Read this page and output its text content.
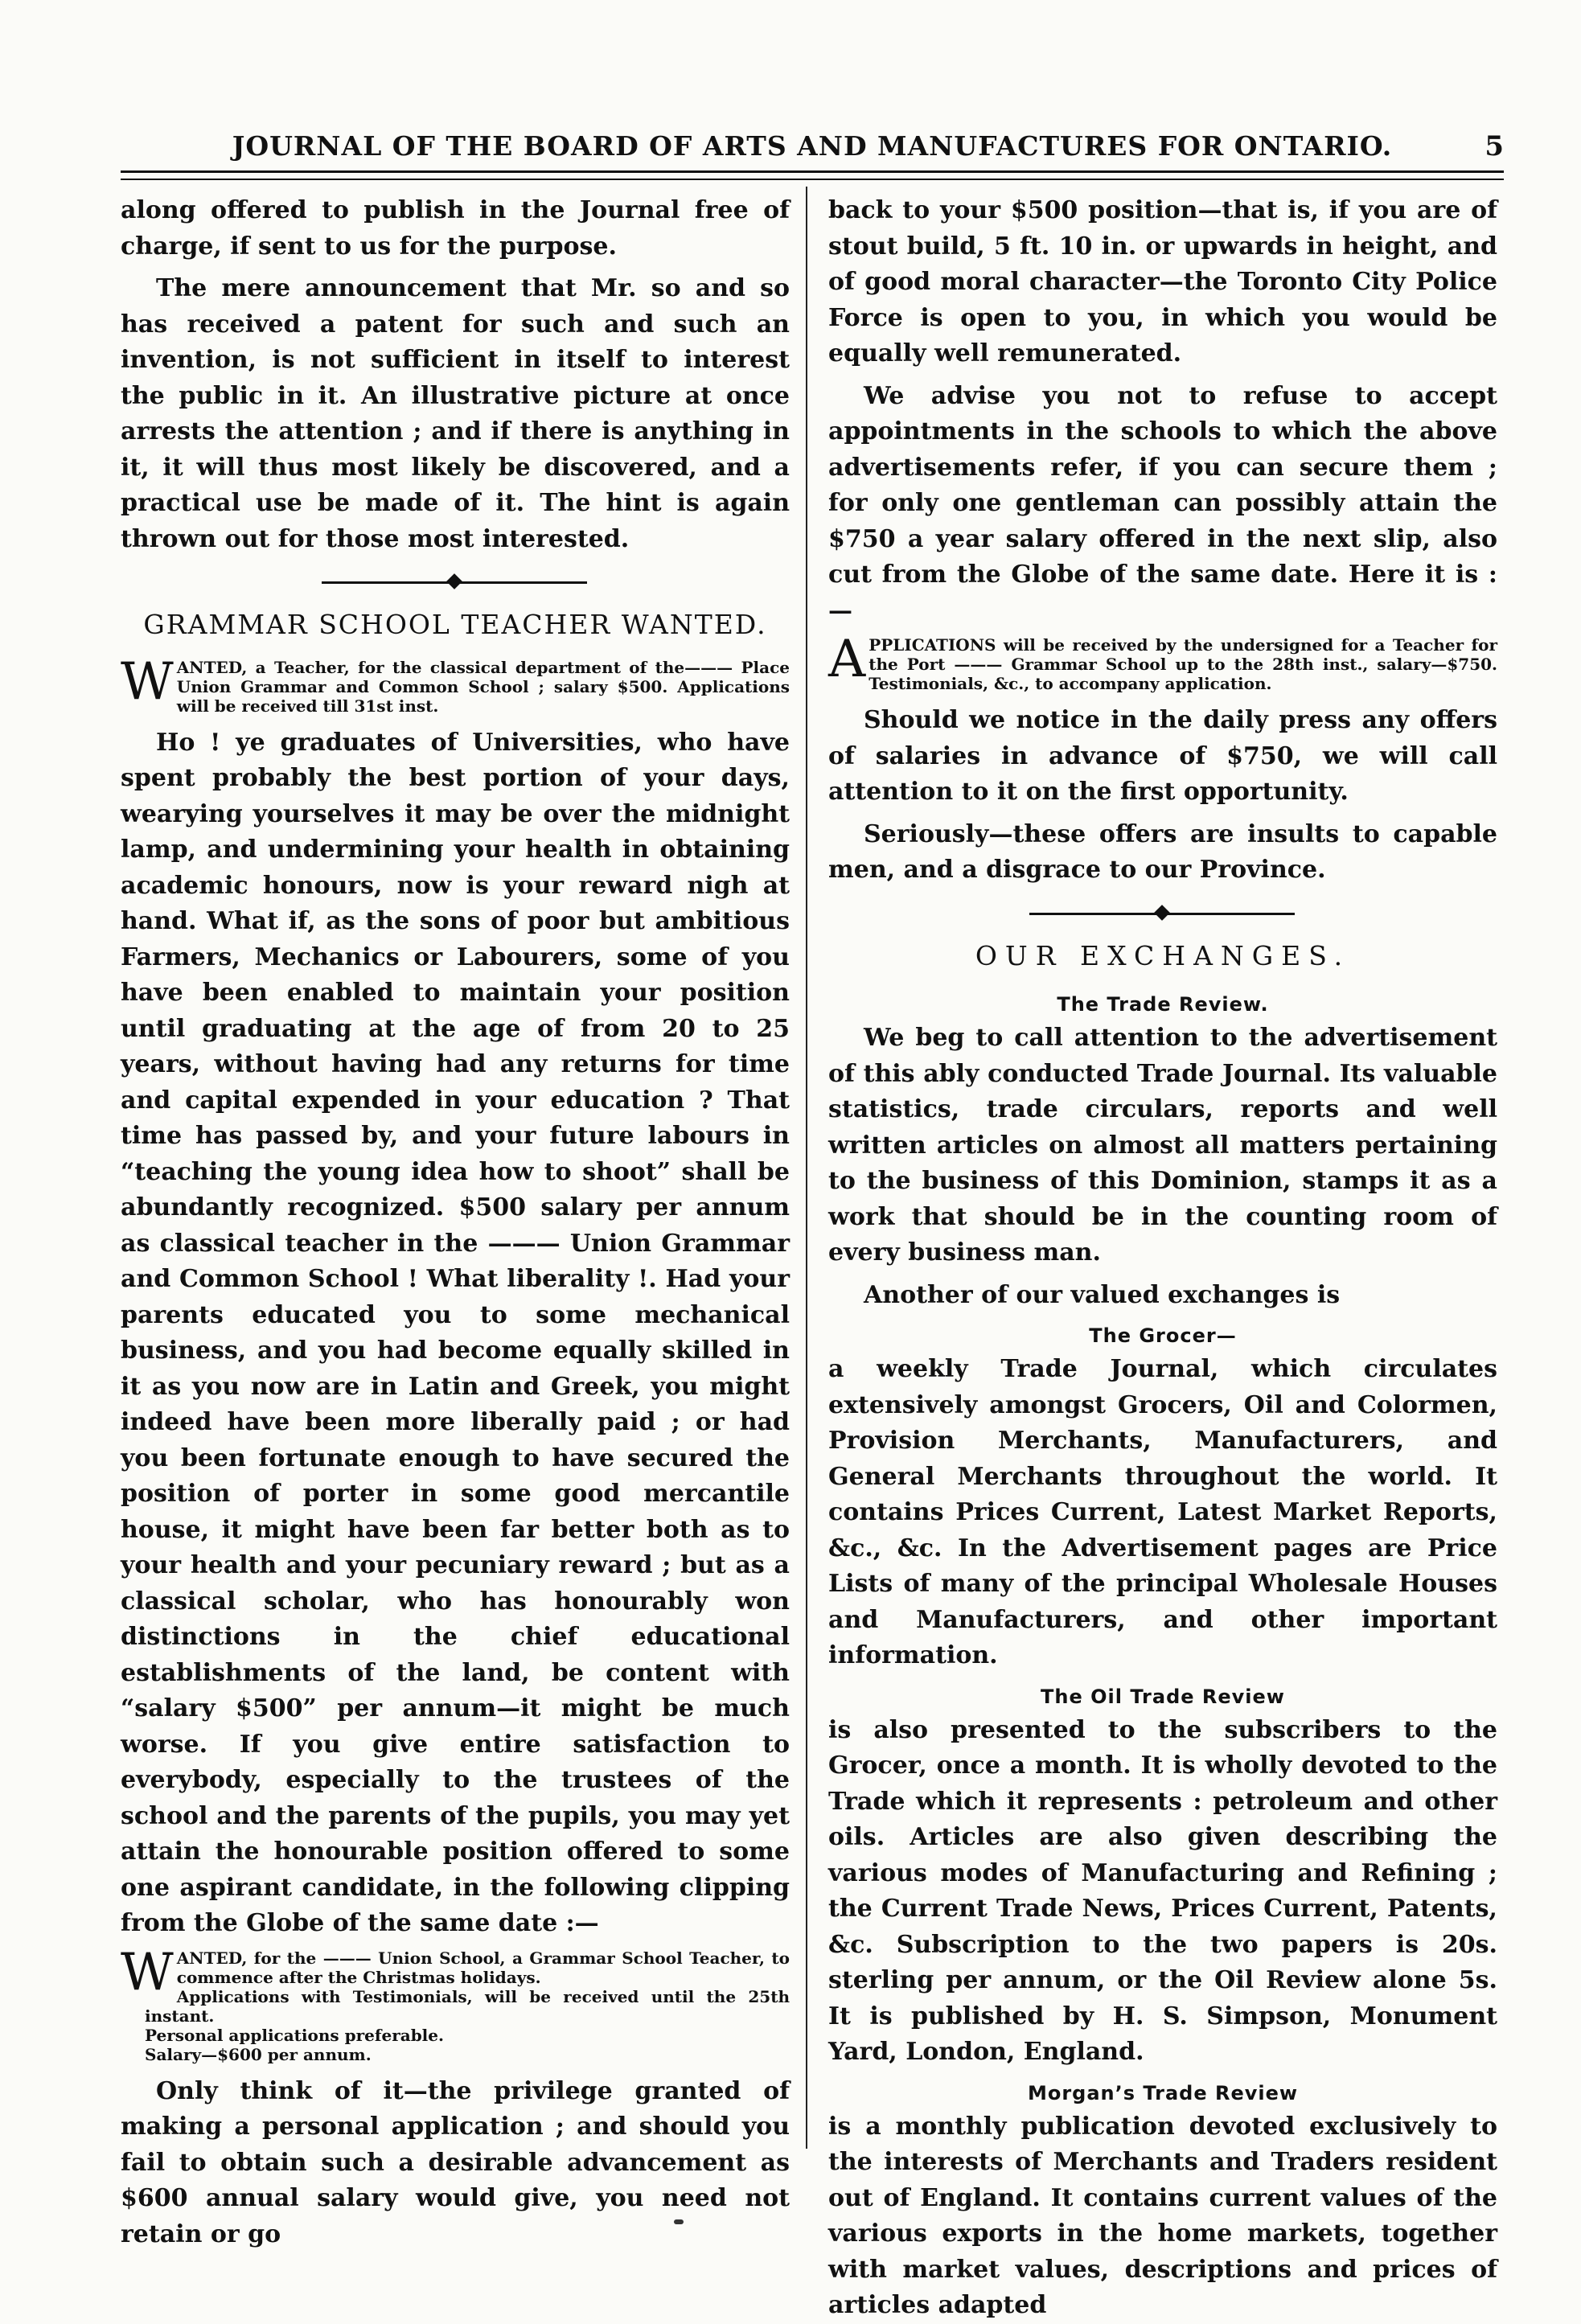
JOURNAL OF THE BOARD OF ARTS AND MANUFACTURES FOR ONTARIO.	5

along offered to publish in the Journal free of charge, if sent to us for the purpose.

The mere announcement that Mr. so and so has received a patent for such and such an invention, is not sufficient in itself to interest the public in it. An illustrative picture at once arrests the attention ; and if there is anything in it, it will thus most likely be discovered, and a practical use be made of it. The hint is again thrown out for those most interested.

GRAMMAR SCHOOL TEACHER WANTED.
W ANTED, a Teacher, for the classical department of the——— Place Union Grammar and Common School ; salary $500. Applications will be received till 31st inst.

Ho ! ye graduates of Universities, who have spent probably the best portion of your days, wearying yourselves it may be over the midnight lamp, and undermining your health in obtaining academic honours, now is your reward nigh at hand. What if, as the sons of poor but ambitious Farmers, Mechanics or Labourers, some of you have been enabled to maintain your position until graduating at the age of from 20 to 25 years, without having had any returns for time and capital expended in your education ? That time has passed by, and your future labours in “teaching the young idea how to shoot” shall be abundantly recognized. $500 salary per annum as classical teacher in the ——— Union Grammar and Common School ! What liberality !. Had your parents educated you to some mechanical business, and you had become equally skilled in it as you now are in Latin and Greek, you might indeed have been more liberally paid ; or had you been fortunate enough to have secured the position of porter in some good mercantile house, it might have been far better both as to your health and your pecuniary reward ; but as a classical scholar, who has honourably won distinctions in the chief educational establishments of the land, be content with “salary $500” per annum—it might be much worse. If you give entire satisfaction to everybody, especially to the trustees of the school and the parents of the pupils, you may yet attain the honourable position offered to some one aspirant candidate, in the following clipping from the Globe of the same date :—

W ANTED, for the ——— Union School, a Grammar School Teacher, to commence after the Christmas holidays.
Applications with Testimonials, will be received until the 25th instant.
Personal applications preferable.
Salary—$600 per annum.

Only think of it—the privilege granted of making a personal application ; and should you fail to obtain such a desirable advancement as $600 annual salary would give, you need not retain or go

back to your $500 position—that is, if you are of stout build, 5 ft. 10 in. or upwards in height, and of good moral character—the Toronto City Police Force is open to you, in which you would be equally well remunerated.

We advise you not to refuse to accept appointments in the schools to which the above advertisements refer, if you can secure them ; for only one gentleman can possibly attain the $750 a year salary offered in the next slip, also cut from the Globe of the same date. Here it is :—

A PPLICATIONS will be received by the undersigned for a Teacher for the Port ——— Grammar School up to the 28th inst., salary—$750. Testimonials, &c., to accompany application.

Should we notice in the daily press any offers of salaries in advance of $750, we will call attention to it on the first opportunity.

Seriously—these offers are insults to capable men, and a disgrace to our Province.

OUR EXCHANGES.
The Trade Review.

We beg to call attention to the advertisement of this ably conducted Trade Journal. Its valuable statistics, trade circulars, reports and well written articles on almost all matters pertaining to the business of this Dominion, stamps it as a work that should be in the counting room of every business man.

Another of our valued exchanges is

The Grocer—

a weekly Trade Journal, which circulates extensively amongst Grocers, Oil and Colormen, Provision Merchants, Manufacturers, and General Merchants throughout the world. It contains Prices Current, Latest Market Reports, &c., &c. In the Advertisement pages are Price Lists of many of the principal Wholesale Houses and Manufacturers, and other important information.

The Oil Trade Review

is also presented to the subscribers to the Grocer, once a month. It is wholly devoted to the Trade which it represents : petroleum and other oils. Articles are also given describing the various modes of Manufacturing and Refining ; the Current Trade News, Prices Current, Patents, &c. Subscription to the two papers is 20s. sterling per annum, or the Oil Review alone 5s. It is published by H. S. Simpson, Monument Yard, London, England.

Morgan’s Trade Review

is a monthly publication devoted exclusively to the interests of Merchants and Traders resident out of England. It contains current values of the various exports in the home markets, together with market values, descriptions and prices of articles adapted
